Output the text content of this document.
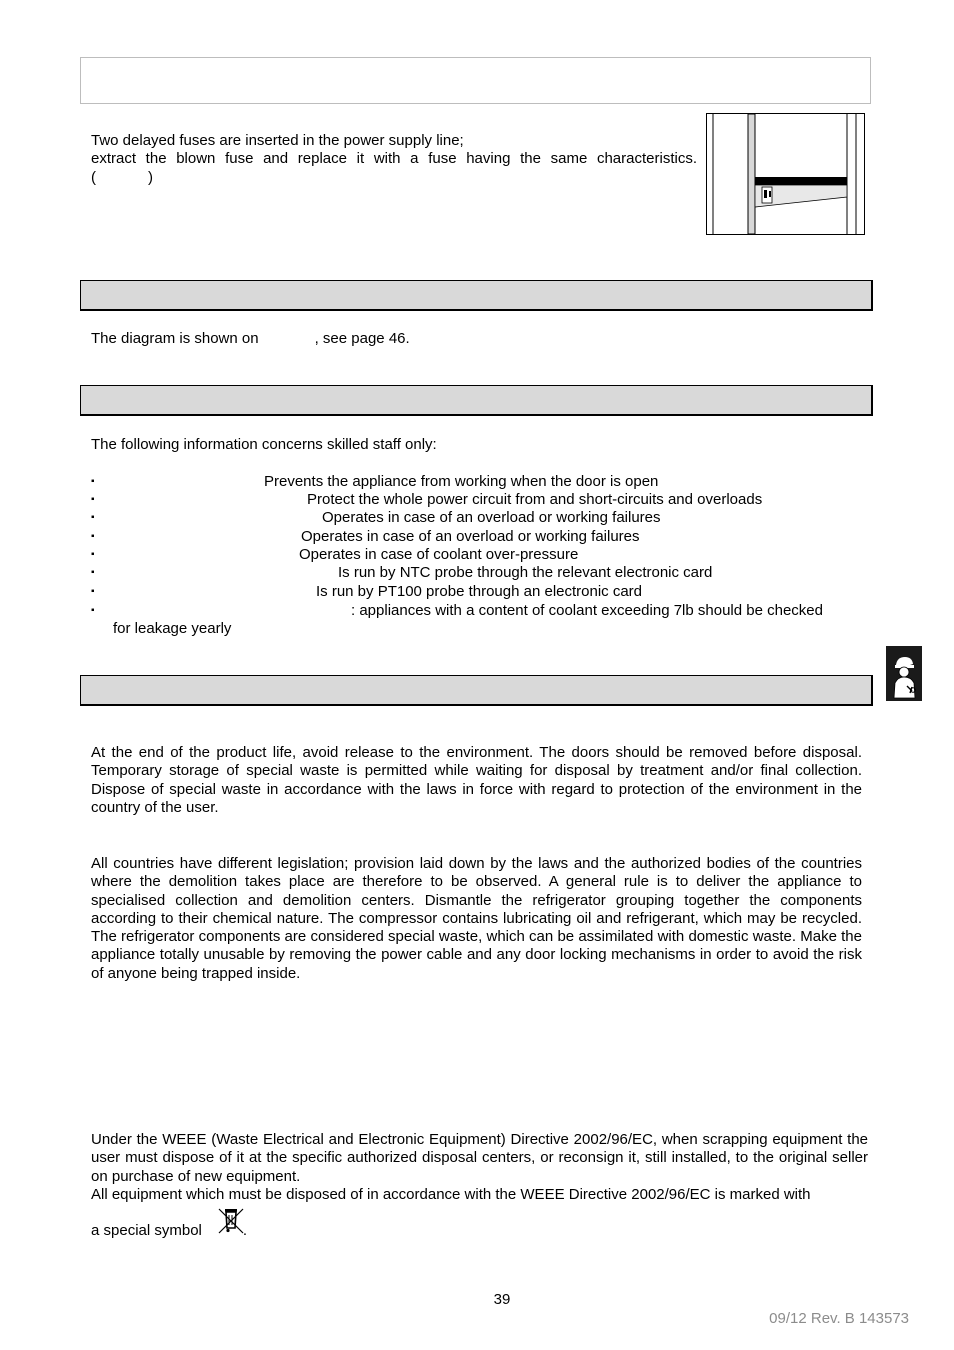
Two delayed fuses are inserted in the power supply line;

extract the blown fuse and replace it with a fuse having the same characteristics.

(	)

The diagram is shown on	, see page 46.
The following information concerns skilled staff only:
▪	Prevents the appliance from working when the door is open
▪	Protect the whole power circuit from and short-circuits and overloads
▪	Operates in case of an overload or working failures
▪	Operates in case of an overload or working failures
▪	Operates in case of coolant over-pressure
▪	Is run by NTC probe through the relevant electronic card
▪	Is run by PT100 probe through an electronic card
▪	: appliances with a content of coolant exceeding 7lb should be checked
for leakage yearly
At the end of the product life, avoid release to the environment. The doors should be removed before disposal. Temporary storage of special waste is permitted while waiting for disposal by treatment and/or final collection. Dispose of special waste in accordance with the laws in force with regard to protection of the environment in the country of the user.
All countries have different legislation; provision laid down by the laws and the authorized bodies of the countries where the demolition takes place are therefore to be observed. A general rule is to deliver the appliance to specialised collection and demolition centers. Dismantle the refrigerator grouping together the components according to their chemical nature. The compressor contains lubricating oil and refrigerant, which may be recycled. The refrigerator components are considered special waste, which can be assimilated with domestic waste. Make the appliance totally unusable by removing the power cable and any door locking mechanisms in order to avoid the risk of anyone being trapped inside.
Under the WEEE (Waste Electrical and Electronic Equipment) Directive 2002/96/EC, when scrapping equipment the user must dispose of it at the specific authorized disposal centers, or reconsign it, still installed, to the original seller on purchase of new equipment.
All equipment which must be disposed of in accordance with the WEEE Directive 2002/96/EC is marked with
a special symbol	.
39
09/12 Rev. B 143573
